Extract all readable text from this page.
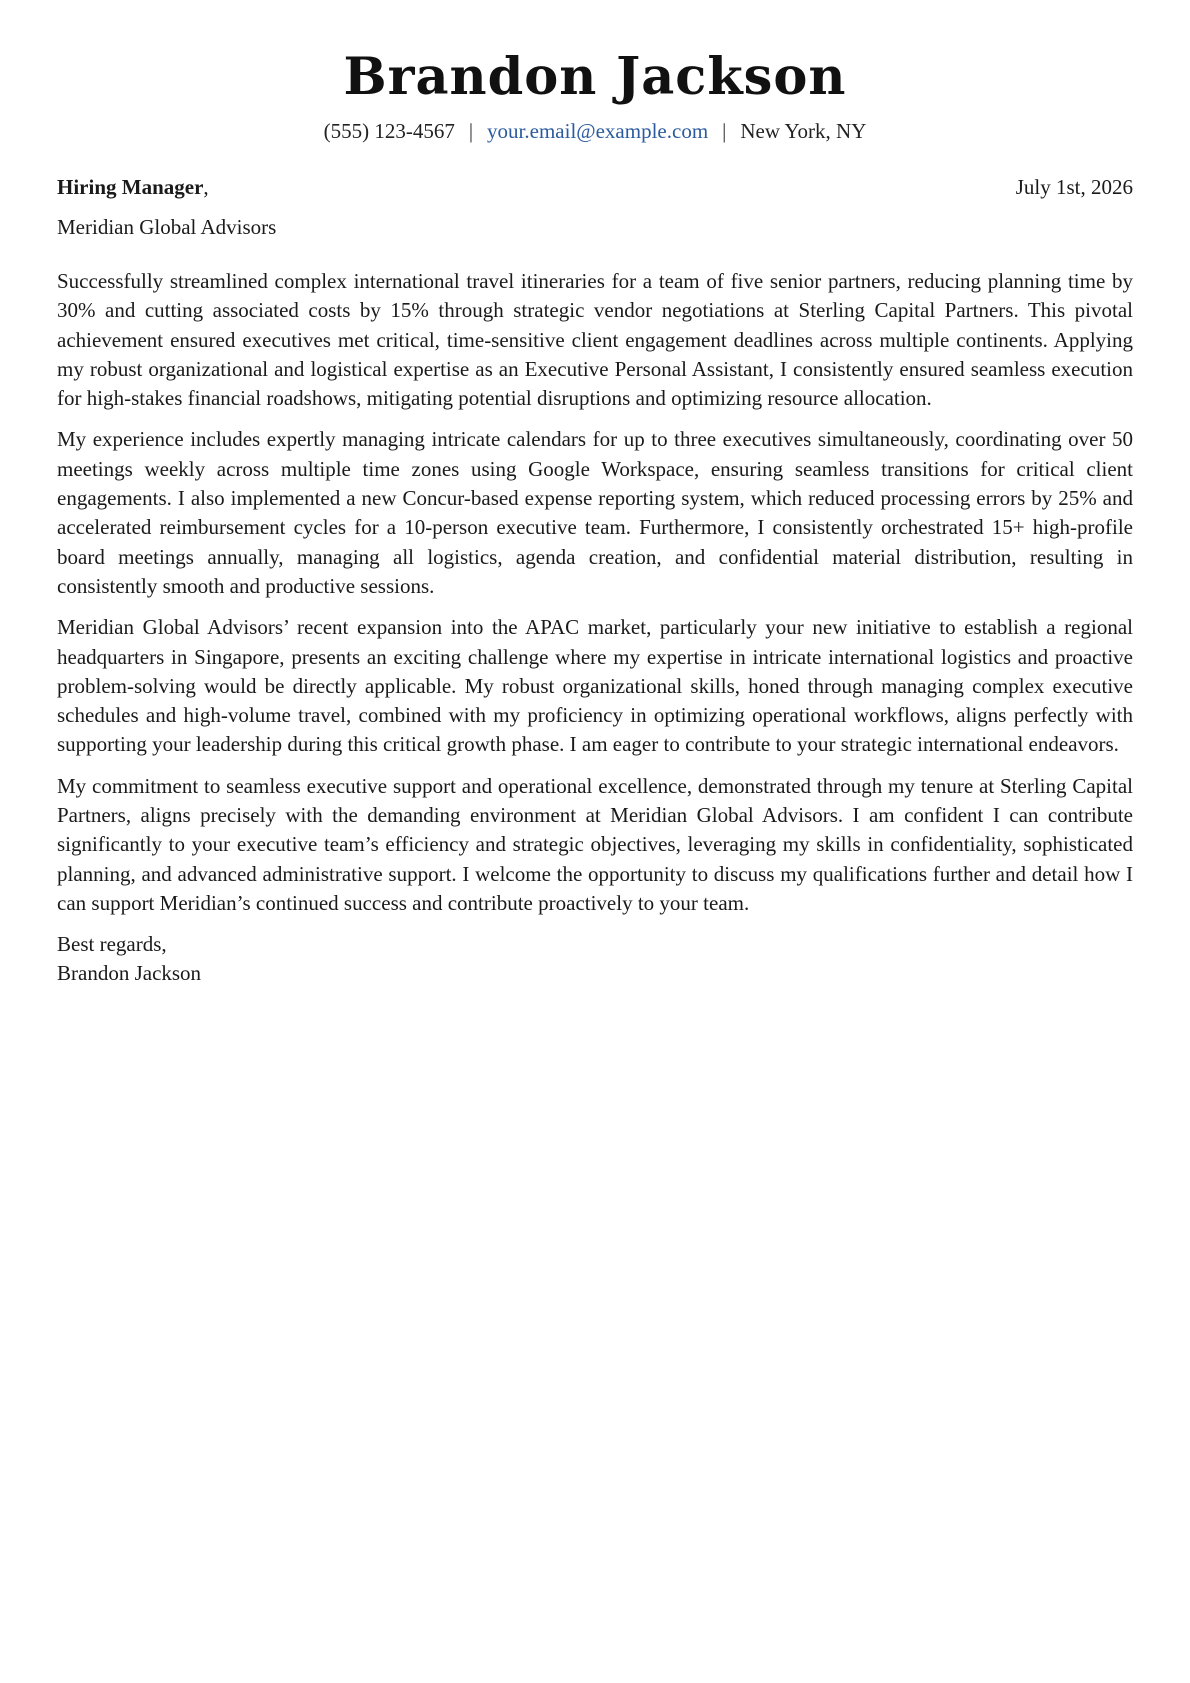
Brandon Jackson
(555) 123-4567 | your.email@example.com | New York, NY
Hiring Manager,	July 1st, 2026
Meridian Global Advisors

Successfully streamlined complex international travel itineraries for a team of five senior partners, reducing planning time by 30% and cutting associated costs by 15% through strategic vendor negotiations at Sterling Capital Partners. This pivotal achievement ensured executives met critical, time-sensitive client engagement deadlines across multiple continents. Applying my robust organizational and logistical expertise as an Executive Personal Assistant, I consistently ensured seamless execution for high-stakes financial roadshows, mitigating potential disruptions and optimizing resource allocation.

My experience includes expertly managing intricate calendars for up to three executives simultaneously, coordinating over 50 meetings weekly across multiple time zones using Google Workspace, ensuring seamless transitions for critical client engagements. I also implemented a new Concur-based expense reporting system, which reduced processing errors by 25% and accelerated reimbursement cycles for a 10-person executive team. Furthermore, I consistently orchestrated 15+ high-profile board meetings annually, managing all logistics, agenda creation, and confidential material distribution, resulting in consistently smooth and productive sessions.

Meridian Global Advisors’ recent expansion into the APAC market, particularly your new initiative to establish a regional headquarters in Singapore, presents an exciting challenge where my expertise in intricate international logistics and proactive problem-solving would be directly applicable. My robust organizational skills, honed through managing complex executive schedules and high-volume travel, combined with my proficiency in optimizing operational workflows, aligns perfectly with supporting your leadership during this critical growth phase. I am eager to contribute to your strategic international endeavors.

My commitment to seamless executive support and operational excellence, demonstrated through my tenure at Sterling Capital Partners, aligns precisely with the demanding environment at Meridian Global Advisors. I am confident I can contribute significantly to your executive team’s efficiency and strategic objectives, leveraging my skills in confidentiality, sophisticated planning, and advanced administrative support. I welcome the opportunity to discuss my qualifications further and detail how I can support Meridian’s continued success and contribute proactively to your team.

Best regards,
Brandon Jackson
